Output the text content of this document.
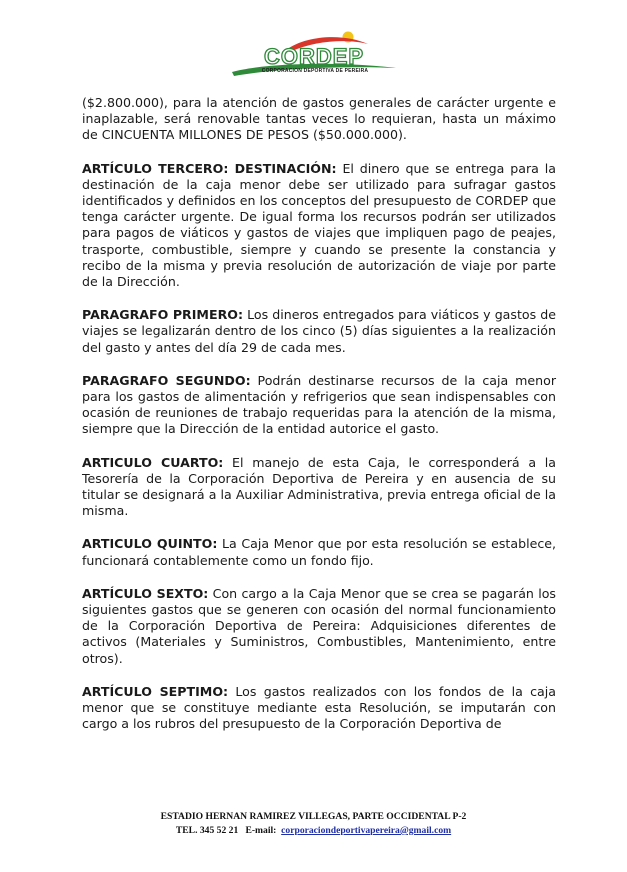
CORDEP
CORPORACION DEPORTIVA DE PEREIRA

($2.800.000), para la atención de gastos generales de carácter urgente e inaplazable, será renovable tantas veces lo requieran, hasta un máximo de CINCUENTA MILLONES DE PESOS ($50.000.000).

ARTÍCULO TERCERO: DESTINACIÓN: El dinero que se entrega para la destinación de la caja menor debe ser utilizado para sufragar gastos identificados y definidos en los conceptos del presupuesto de CORDEP que tenga carácter urgente. De igual forma los recursos podrán ser utilizados para pagos de viáticos y gastos de viajes que impliquen pago de peajes, trasporte, combustible, siempre y cuando se presente la constancia y recibo de la misma y previa resolución de autorización de viaje por parte de la Dirección.

PARAGRAFO PRIMERO: Los dineros entregados para viáticos y gastos de viajes se legalizarán dentro de los cinco (5) días siguientes a la realización del gasto y antes del día 29 de cada mes.

PARAGRAFO SEGUNDO: Podrán destinarse recursos de la caja menor para los gastos de alimentación y refrigerios que sean indispensables con ocasión de reuniones de trabajo requeridas para la atención de la misma, siempre que la Dirección de la entidad autorice el gasto.

ARTICULO CUARTO: El manejo de esta Caja, le corresponderá a la Tesorería de la Corporación Deportiva de Pereira y en ausencia de su titular se designará a la Auxiliar Administrativa, previa entrega oficial de la misma.

ARTICULO QUINTO: La Caja Menor que por esta resolución se establece, funcionará contablemente como un fondo fijo.

ARTÍCULO SEXTO: Con cargo a la Caja Menor que se crea se pagarán los siguientes gastos que se generen con ocasión del normal funcionamiento de la Corporación Deportiva de Pereira: Adquisiciones diferentes de activos (Materiales y Suministros, Combustibles, Mantenimiento, entre otros).

ARTÍCULO SEPTIMO: Los gastos realizados con los fondos de la caja menor que se constituye mediante esta Resolución, se imputarán con cargo a los rubros del presupuesto de la Corporación Deportiva de

ESTADIO HERNAN RAMIREZ VILLEGAS, PARTE OCCIDENTAL P-2
TEL. 345 52 21 E-mail: corporaciondeportivapereira@gmail.com
